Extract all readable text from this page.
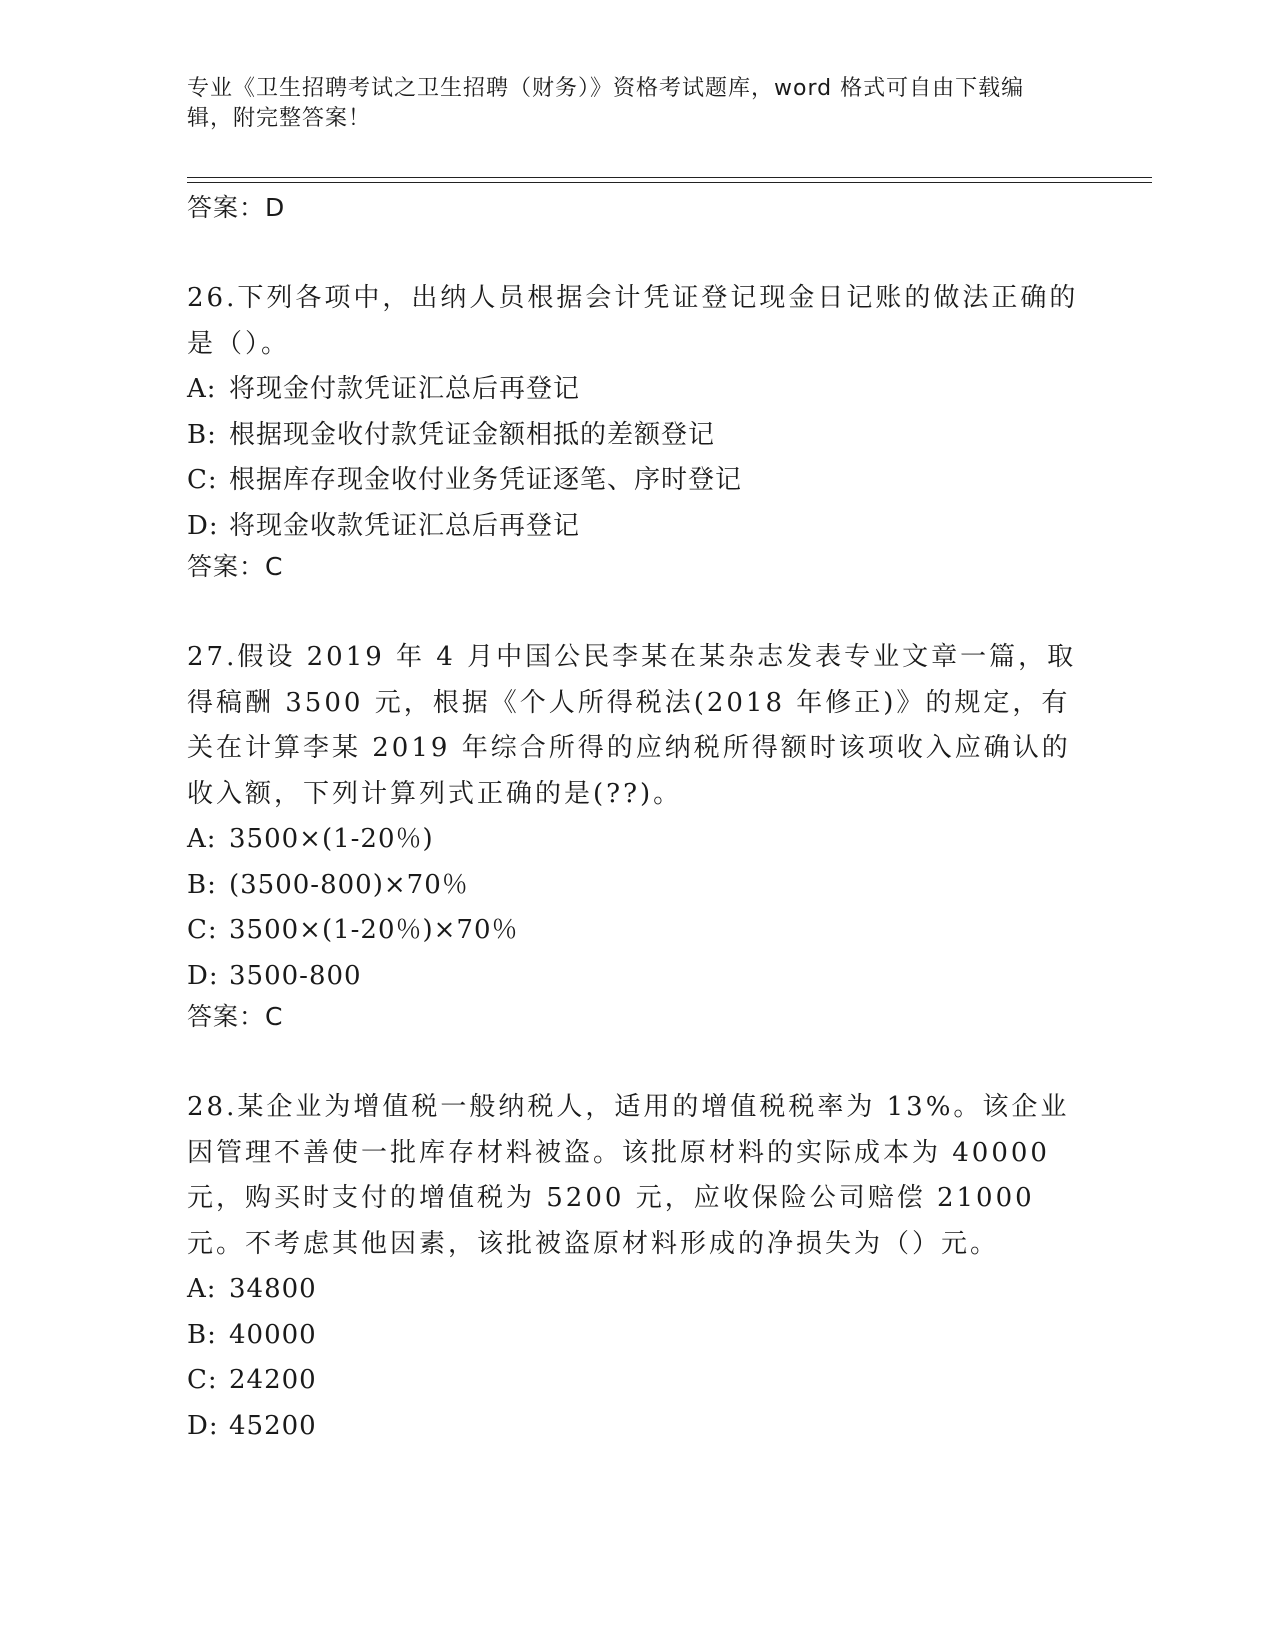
专业《卫生招聘考试之卫生招聘（财务）》资格考试题库，word 格式可自由下载编辑，附完整答案！
答案：D
26.下列各项中，出纳人员根据会计凭证登记现金日记账的做法正确的是（）。
A: 将现金付款凭证汇总后再登记
B: 根据现金收付款凭证金额相抵的差额登记
C: 根据库存现金收付业务凭证逐笔、序时登记
D: 将现金收款凭证汇总后再登记
答案：C
27.假设 2019 年 4 月中国公民李某在某杂志发表专业文章一篇，取得稿酬 3500 元，根据《个人所得税法(2018 年修正)》的规定，有关在计算李某 2019 年综合所得的应纳税所得额时该项收入应确认的收入额，下列计算列式正确的是(??)。
A: 3500×(1-20％)
B: (3500-800)×70％
C: 3500×(1-20％)×70％
D: 3500-800
答案：C
28.某企业为增值税一般纳税人，适用的增值税税率为 13%。该企业因管理不善使一批库存材料被盗。该批原材料的实际成本为 40000 元，购买时支付的增值税为 5200 元，应收保险公司赔偿 21000 元。不考虑其他因素，该批被盗原材料形成的净损失为（）元。
A: 34800
B: 40000
C: 24200
D: 45200
